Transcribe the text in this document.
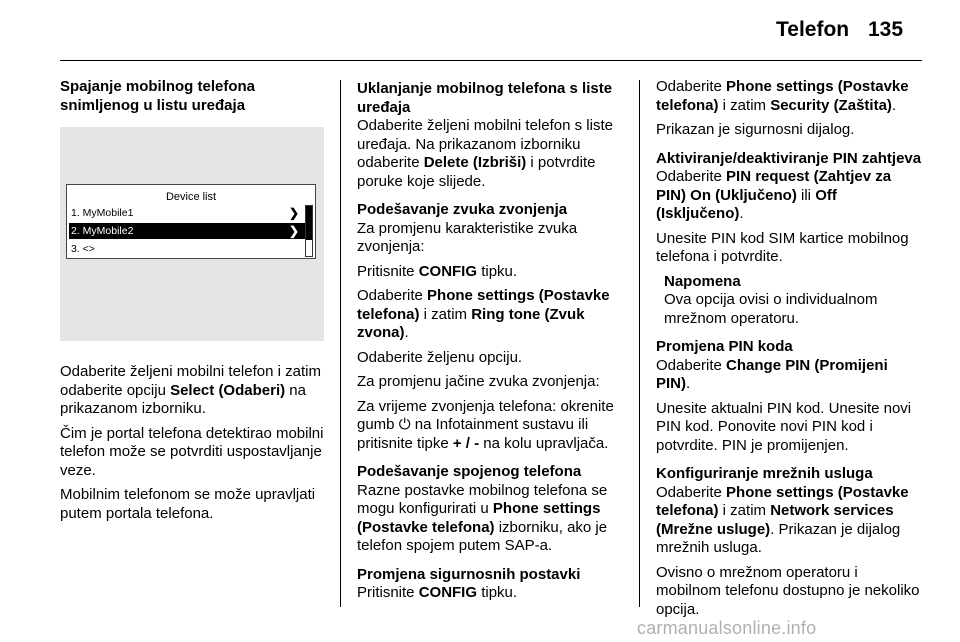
Telefon 135
Spajanje mobilnog telefona snimljenog u listu uređaja
Device list
1. MyMobile1	❯
2. MyMobile2	❯
3. <>
Odaberite željeni mobilni telefon i zatim odaberite opciju Select (Odaberi) na prikazanom izborniku.
Čim je portal telefona detektirao mobilni telefon može se potvrditi uspostavljanje veze.
Mobilnim telefonom se može upravljati putem portala telefona.
Uklanjanje mobilnog telefona s liste uređaja
Odaberite željeni mobilni telefon s liste uređaja. Na prikazanom izborniku odaberite Delete (Izbriši) i potvrdite poruke koje slijede.
Podešavanje zvuka zvonjenja
Za promjenu karakteristike zvuka zvonjenja:
Pritisnite CONFIG tipku.
Odaberite Phone settings (Postavke telefona) i zatim Ring tone (Zvuk zvona).
Odaberite željenu opciju.
Za promjenu jačine zvuka zvonjenja:
Za vrijeme zvonjenja telefona: okrenite gumb ⏻ na Infotainment sustavu ili pritisnite tipke + / - na kolu upravljača.
Podešavanje spojenog telefona
Razne postavke mobilnog telefona se mogu konfigurirati u Phone settings (Postavke telefona) izborniku, ako je telefon spojem putem SAP-a.
Promjena sigurnosnih postavki
Pritisnite CONFIG tipku.
Odaberite Phone settings (Postavke telefona) i zatim Security (Zaštita).
Prikazan je sigurnosni dijalog.
Aktiviranje/deaktiviranje PIN zahtjeva
Odaberite PIN request (Zahtjev za PIN) On (Uključeno) ili Off (Isključeno).
Unesite PIN kod SIM kartice mobilnog telefona i potvrdite.
Napomena
Ova opcija ovisi o individualnom mrežnom operatoru.
Promjena PIN koda
Odaberite Change PIN (Promijeni PIN).
Unesite aktualni PIN kod. Unesite novi PIN kod. Ponovite novi PIN kod i potvrdite. PIN je promijenjen.
Konfiguriranje mrežnih usluga
Odaberite Phone settings (Postavke telefona) i zatim Network services (Mrežne usluge). Prikazan je dijalog mrežnih usluga.
Ovisno o mrežnom operatoru i mobilnom telefonu dostupno je nekoliko opcija.
carmanualsonline.info
